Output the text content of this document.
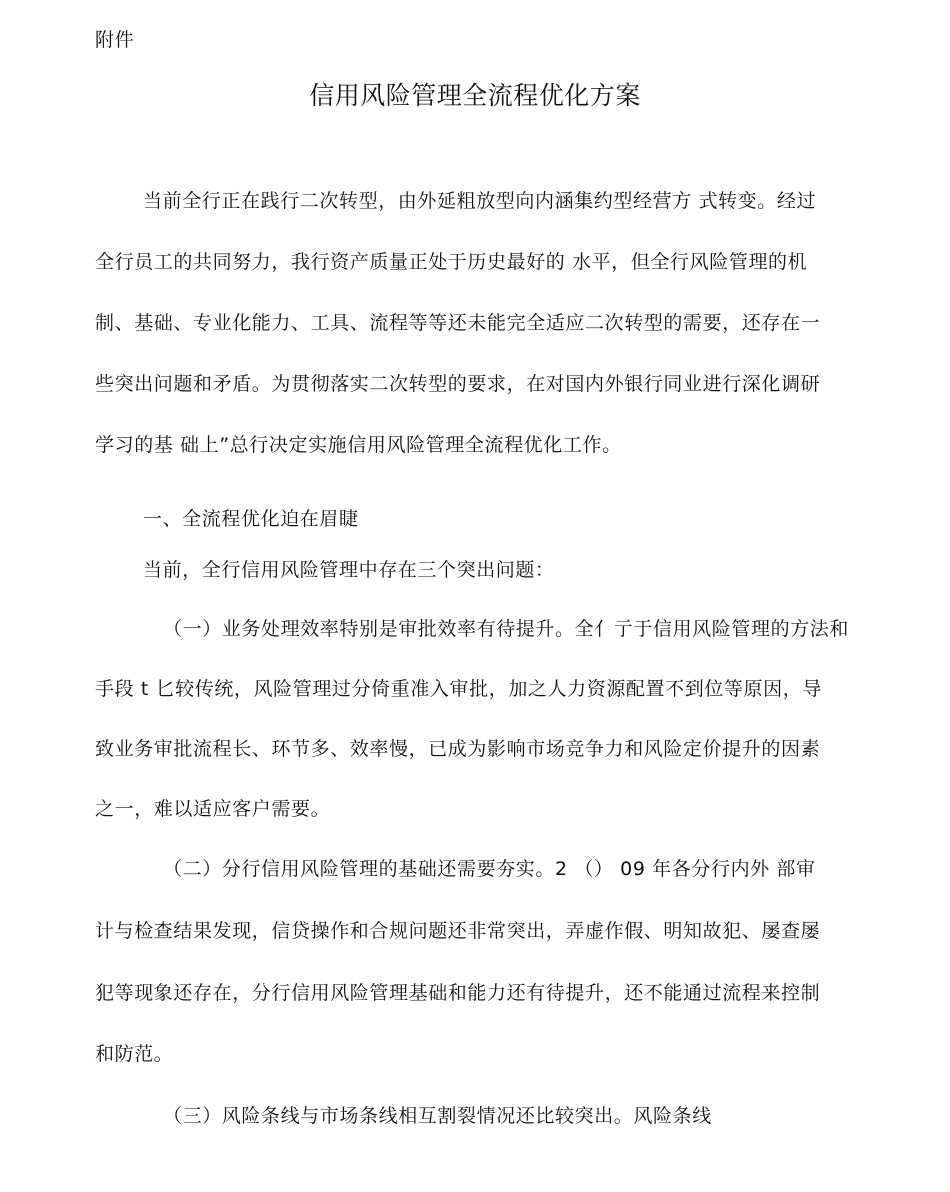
附件
信用风险管理全流程优化方案
当前全行正在践行二次转型，由外延粗放型向内涵集约型经营方 式转变。经过
全行员工的共同努力，我行资产质量正处于历史最好的 水平，但全行风险管理的机
制、基础、专业化能力、工具、流程等等还未能完全适应二次转型的需要，还存在一
些突出问题和矛盾。为贯彻落实二次转型的要求，在对国内外银行同业进行深化调研
学习的基 础上”总行决定实施信用风险管理全流程优化工作。
一、全流程优化迫在眉睫
当前，全行信用风险管理中存在三个突出问题：
（一）业务处理效率特别是审批效率有待提升。全亻亍于信用风险管理的方法和
手段 t 匕较传统，风险管理过分倚重准入审批，加之人力资源配置不到位等原因，导
致业务审批流程长、环节多、效率慢，已成为影响市场竞争力和风险定价提升的因素
之一，难以适应客户需要。
（二）分行信用风险管理的基础还需要夯实。2 （） 09 年各分行内外 部审
计与检查结果发现，信贷操作和合规问题还非常突出，弄虚作假、明知故犯、屡查屡
犯等现象还存在，分行信用风险管理基础和能力还有待提升，还不能通过流程来控制
和防范。
（三）风险条线与市场条线相互割裂情况还比较突出。风险条线
